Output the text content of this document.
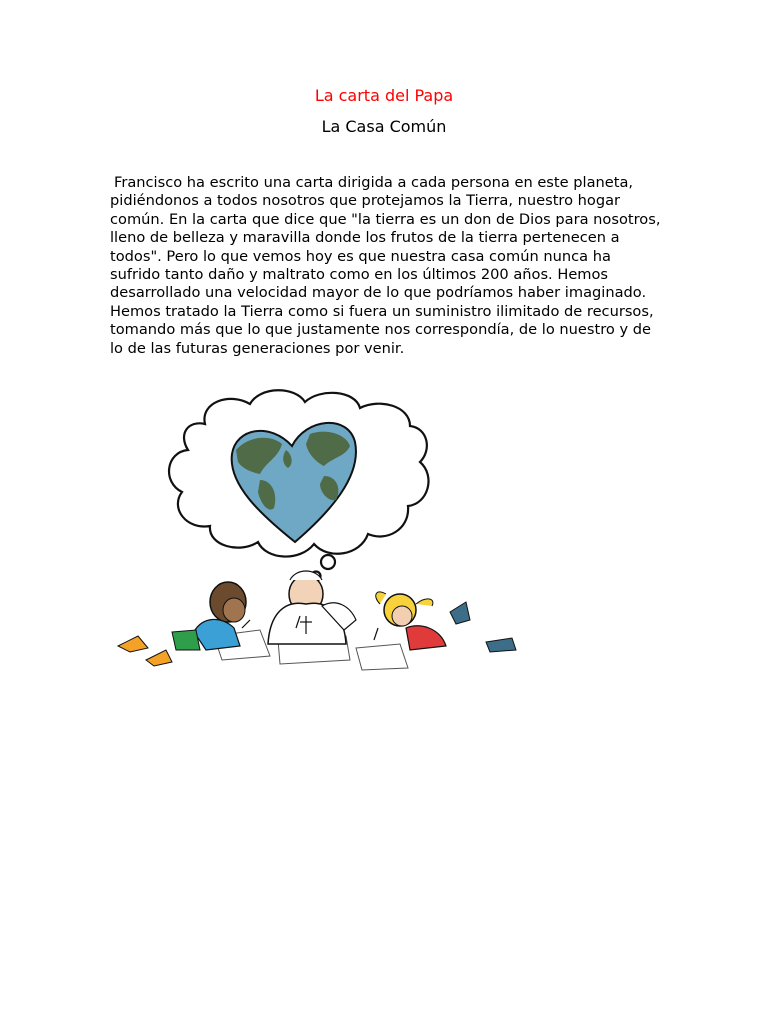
La carta del Papa
La Casa Común

Francisco ha escrito una carta dirigida a cada persona en este planeta, pidiéndonos a todos nosotros que protejamos la Tierra, nuestro hogar común. En la carta que dice que "la tierra es un don de Dios para nosotros, lleno de belleza y maravilla donde los frutos de la tierra pertenecen a todos". Pero lo que vemos hoy es que nuestra casa común nunca ha sufrido tanto daño y maltrato como en los últimos 200 años. Hemos desarrollado una velocidad mayor de lo que podríamos haber imaginado. Hemos tratado la Tierra como si fuera un suministro ilimitado de recursos, tomando más que lo que justamente nos correspondía, de lo nuestro y de lo de las futuras generaciones por venir.
